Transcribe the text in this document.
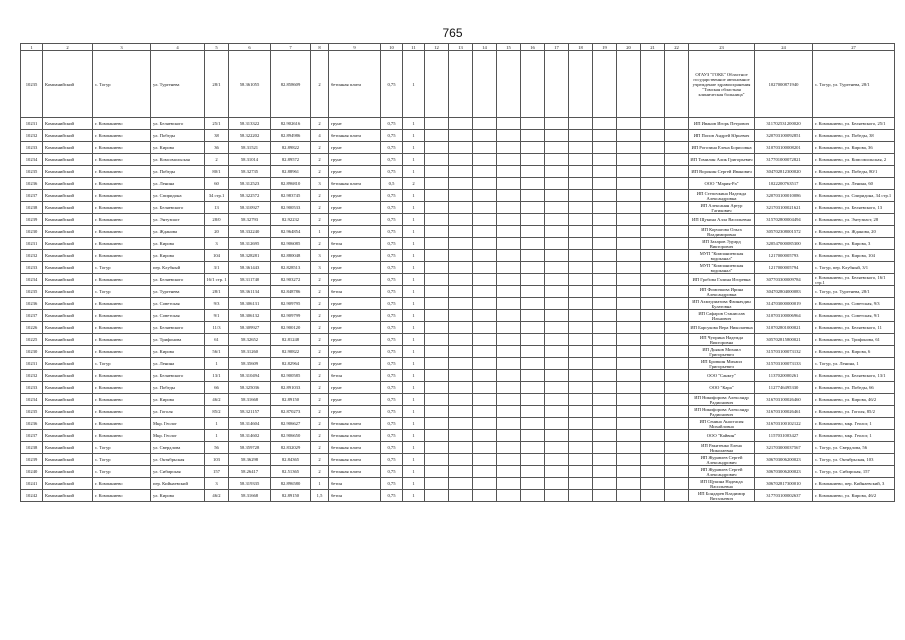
765
1	2	3	4	5	6	7	8	9	10	11	12	13	14	15	16	17	18	19	20	21	22	23	24	27
10235	Компанийский	с. Тогур	ул. Тургенева	28/1	58.361055	82.858609	2	бетонная плита	0,75	1												ОГАУЗ "ГОКБ" Областное государственное автономное учреждение здравоохранения "Томская областная клиническая больница"	1027000871940	с. Тогур, ул. Тургенева, 28/1
10231	Компанийский	г. Компаниево	ул. Беляевского	25/1	58.313322	82.902616	2	грунт	0,75	1												ИП Иванов Игорь Петрович	311702531200020	г. Компаниево, ул. Беляевского, 25/1
10232	Компанийский	г. Компаниево	ул. Победы	38	58.322202	82.894986	4	бетонная плита	0,75	1												ИП Попов Андрей Юрьевич	320703100092851	г. Компаниево, ул. Победы, 38
10233	Компанийский	г. Компаниево	ул. Кирова	36	58.31521	82.89822	2	грунт	0,75	1												ИП Рогозина Елена Борисовна	310703100008201	г. Компаниево, ул. Кирова, 36
10234	Компанийский	г. Компаниево	ул. Комсомольская	2	58.31014	82.89572	2	грунт	0,75	1												ИП Томилин Алик Григорьевич	317701000072821	г. Компаниево, ул. Комсомольская, 2
10235	Компанийский	г. Компаниево	ул. Победы	80/1	58.32735	82.88961	2	грунт	0,75	1												ИП Воронин Сергей Иванович	304702812300020	г. Компаниево, ул. Победы, 80/1
10236	Компанийский	г. Компаниево	ул. Ленина	60	58.312523	82.896810	3	бетонная плита	0,5	2												ООО "Мария-Ра"	1022200763517	г. Компаниево, ул. Ленина, 60
10237	Компанийский	г. Компаниево	ул. Спиридона	34 стр.1	58.322572	82.983745	2	грунт	0,75	1												ИП Степочкина Надежда Александровна	320703100010086	г. Компаниево, ул. Спиридона, 34 стр.1
10238	Компанийский	г. Компаниево	ул. Беляевского	13	58.310927	82.900533	2	грунт	0,75	1												ИП Алексанян Артур Гагикович	321703100021621	г. Компаниево, ул. Беляевского, 13
10239	Компанийский	г. Компаниево	ул. Энтузиаст	28/0	58.32793	82.92232	2	грунт	0,75	1												ИП Щукина Алла Васильевна	315702800004494	г. Компаниево, ул. Энтузиаст, 28
10230	Компанийский	г. Компаниево	ул. Жданова	20	58.332240	82.964854	1	грунт	0,75	1												ИП Корчагова Ольга Владимировна	305702308001572	г. Компаниево, ул. Жданова, 20
10231	Компанийский	г. Компаниево	ул. Кирова	3	58.312695	82.906085	2	бетон	0,75	1												ИП Захаров Эдуард Викторович	320547000085300	г. Компаниево, ул. Кирова, 3
10232	Компанийский	г. Компаниево	ул. Кирова	104	58.328281	82.880048	3	грунт	0,75	1												МУП "Компаниевская водоканал"	1217000005793	г. Компаниево, ул. Кирова, 104
10233	Компанийский	с. Тогур	пер. Клубный	3/1	58.361443	82.828513	3	грунт	0,75	1												МУП "Компаниевская водоканал"	1217000005794	с. Тогур, пер. Клубный, 3/1
10234	Компанийский	г. Компаниево	ул. Беляевского	16/1 стр. 1	58.311740	82.903272	2	грунт	0,75	1												ИП Гробова Галина Игоревна	307703300009784	г. Компаниево, ул. Беляевского, 16/1 стр.1
10235	Компанийский	с. Тогур	ул. Тургенева	28/1	58.361134	82.848786	2	бетон	0,75	1												ИП Фомичкова Ирина Александровна	304702804000083	с. Тогур, ул. Тургенева, 28/1
10236	Компанийский	г. Компаниево	ул. Советская	9/3	58.306131	82.909795	2	грунт	0,75	1												ИП Ахмедзиатова Фаиначдин Булатовна	314703000000019	г. Компаниево, ул. Советская, 9/3
10237	Компанийский	г. Компаниево	ул. Советская	9/1	58.306132	82.909799	2	грунт	0,75	1												ИП Сафаров Станислав Ильнович	310703100006964	г. Компаниево, ул. Советская, 9/1
10226	Компанийский	г. Компаниево	ул. Беляевского	11/3	58.309927	82.900120	2	грунт	0,75	1												ИП Барсукова Вера Николаевна	310702801000021	г. Компаниево, ул. Беляевского, 11
10225	Компанийский	г. Компаниево	ул. Трифонова	61	58.32652	82.81248	2	грунт	0,75	1												ИП Чуприна Надежда Викторовна	305702815800021	г. Компаниево, ул. Трифонова, 61
10230	Компанийский	г. Компаниево	ул. Кирова	56/1	58.31260	82.90822	2	грунт	0,75	1												ИП Дьяков Михаил Григорьевич	315703100073132	г. Компаниево, ул. Кирова, 6
10231	Компанийский	с. Тогур	ул. Ленина	1	58.35609	82.82964	2	грунт	0,75	1												ИП Бровкин Михаил Григорьевич	315703100073133	с. Тогур, ул. Ленина, 1
10232	Компанийский	г. Компаниево	ул. Беляевского	13/1	58.310494	82.900585	2	бетон	0,75	1												ООО "Санкту"	1137020000261	г. Компаниево, ул. Беляевского, 13/1
10233	Компанийский	г. Компаниево	ул. Победы	66	58.325036	82.891033	2	грунт	0,75	1												ООО "Кара"	1127746495330	г. Компаниево, ул. Победы, 66
10234	Компанийский	г. Компаниево	ул. Кирова	46/2	58.31668	82.89150	2	грунт	0,75	1												ИП Никифорова Александр Радионович	316703100026460	г. Компаниево, ул. Кирова, 46/2
10235	Компанийский	г. Компаниево	ул. Гоголя	85/2	58.321157	82.870273	2	грунт	0,75	1												ИП Никифорова Александр Радионович	316703100026461	г. Компаниево, ул. Гоголя, 85/2
10236	Компанийский	г. Компаниево	Мкр. Геолог	1	58.314604	82.906627	2	бетонная плита	0,75	1												ИП Сенина Анастасия Михайловна	316703100102122	г. Компаниево, мкр. Геолог, 1
10237	Компанийский	г. Компаниево	Мкр. Геолог	1	58.314602	82.906650	2	бетонная плита	0,75	1												ООО "Кайвин"	1157031003427	г. Компаниево, мкр. Геолог, 1
10238	Компанийский	с. Тогур	ул. Свердлова	56	58.359728	82.832029	2	бетонная плита	0,75	1												ИП Ракитенко Елена Николаевна	321703000037567	с. Тогур, ул. Свердлова, 56
10239	Компанийский	с. Тогур	ул. Октябрьская	103	58.36298	82.84365	2	бетонная плита	0,75	1												ИП Журавлев Сергей Александрович	306703006200023	с. Тогур, ул. Октябрьская, 103
10240	Компанийский	с. Тогур	ул. Сибирская	157	58.26417	82.51365	2	бетонная плита	0,75	1												ИП Журавлев Сергей Александрович	306703006200023	с. Тогур, ул. Сибирская, 157
10241	Компанийский	г. Компаниево	пер. Кийнаевский	3	58.319335	82.896580	1	бетон	0,75	1												ИП Щукина Надежда Васильевна	306702817300010	г. Компаниево, пер. Кийнаевский, 3
10242	Компанийский	г. Компаниево	ул. Кирова	46/2	58.31668	82.89150	1,5	бетон	0,75	1												ИП Бондарев Владимир Витальевич	317703100002637	г. Компаниево, ул. Кирова, 46/2
